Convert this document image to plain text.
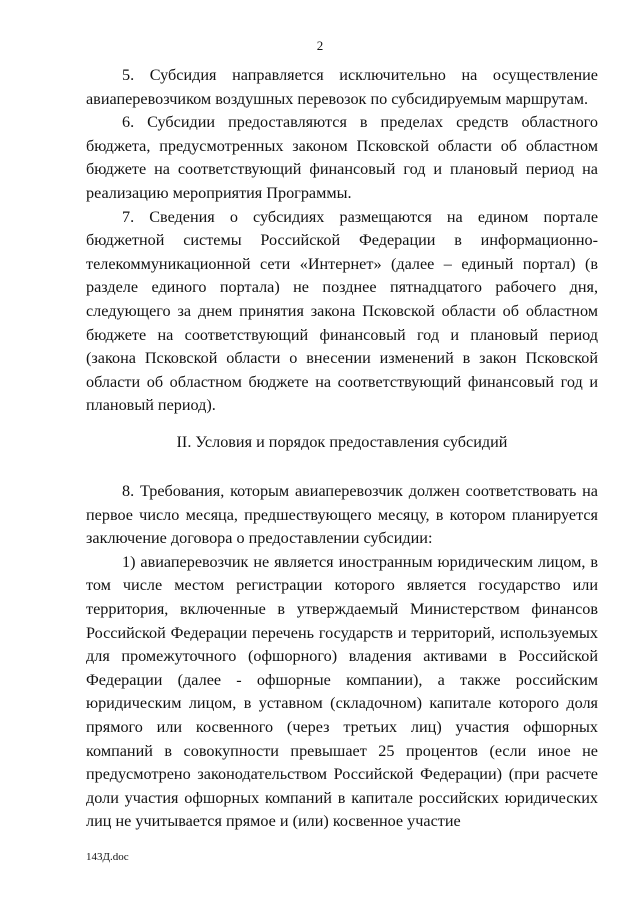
2

5. Субсидия направляется исключительно на осуществление авиаперевозчиком воздушных перевозок по субсидируемым маршрутам.

6. Субсидии предоставляются в пределах средств областного бюджета, предусмотренных законом Псковской области об областном бюджете на соответствующий финансовый год и плановый период на реализацию мероприятия Программы.

7. Сведения о субсидиях размещаются на едином портале бюджетной системы Российской Федерации в информационно-телекоммуникационной сети «Интернет» (далее – единый портал) (в разделе единого портала) не позднее пятнадцатого рабочего дня, следующего за днем принятия закона Псковской области об областном бюджете на соответствующий финансовый год и плановый период (закона Псковской области о внесении изменений в закон Псковской области об областном бюджете на соответствующий финансовый год и плановый период).

II. Условия и порядок предоставления субсидий

8. Требования, которым авиаперевозчик должен соответствовать на первое число месяца, предшествующего месяцу, в котором планируется заключение договора о предоставлении субсидии:

1) авиаперевозчик не является иностранным юридическим лицом, в том числе местом регистрации которого является государство или территория, включенные в утверждаемый Министерством финансов Российской Федерации перечень государств и территорий, используемых для промежуточного (офшорного) владения активами в Российской Федерации (далее - офшорные компании), а также российским юридическим лицом, в уставном (складочном) капитале которого доля прямого или косвенного (через третьих лиц) участия офшорных компаний в совокупности превышает 25 процентов (если иное не предусмотрено законодательством Российской Федерации) (при расчете доли участия офшорных компаний в капитале российских юридических лиц не учитывается прямое и (или) косвенное участие

143Д.doc
